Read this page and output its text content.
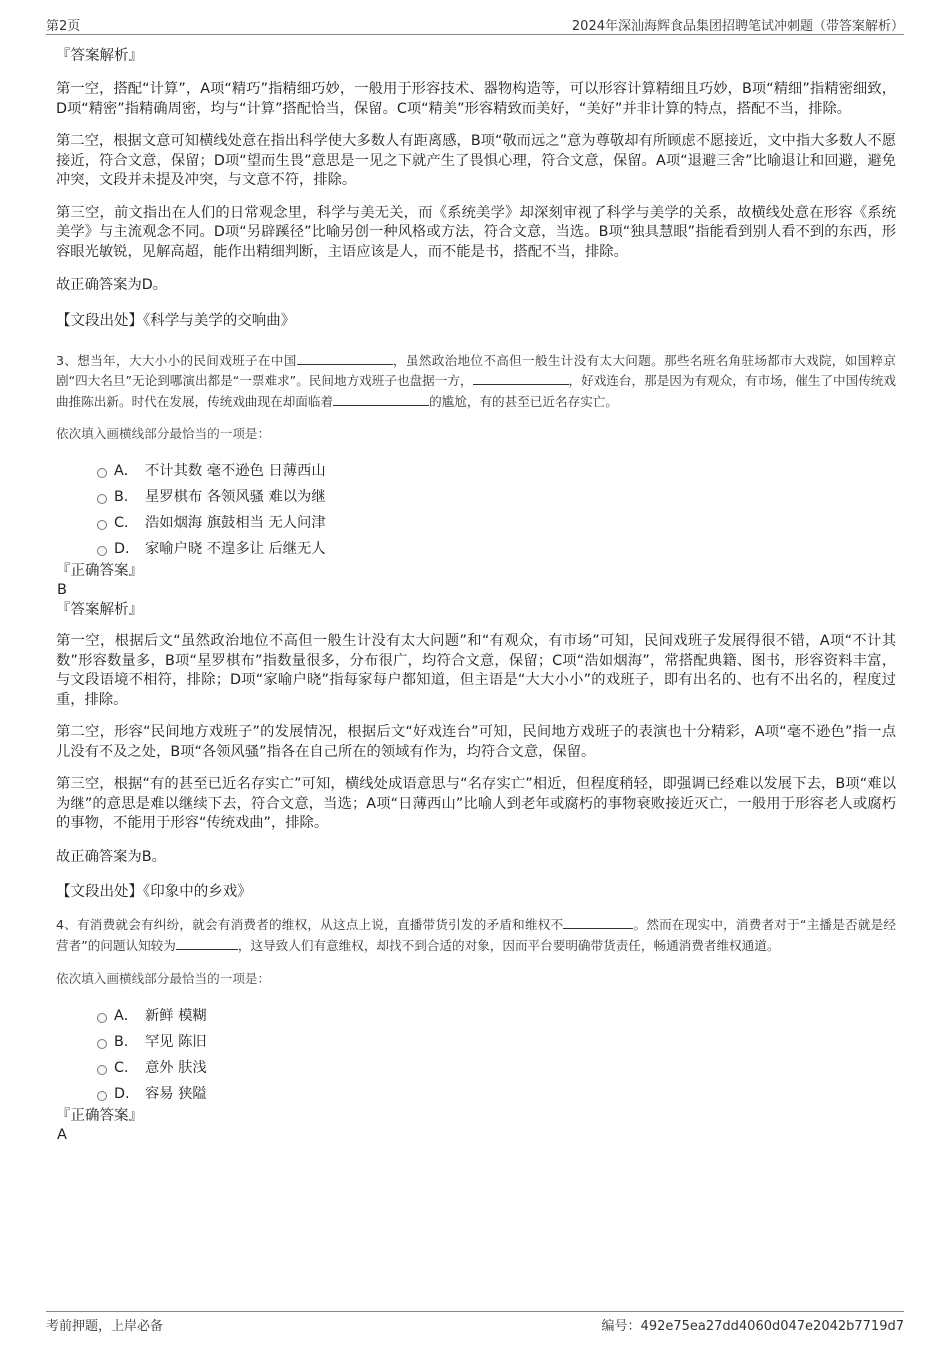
第2页	2024年深汕海辉食品集团招聘笔试冲刺题（带答案解析）
『答案解析』

第一空，搭配“计算”，A项“精巧”指精细巧妙，一般用于形容技术、器物构造等，可以形容计算精细且巧妙，B项“精细”指精密细致，D项“精密”指精确周密，均与“计算”搭配恰当，保留。C项“精美”形容精致而美好，“美好”并非计算的特点，搭配不当，排除。

第二空，根据文意可知横线处意在指出科学使大多数人有距离感，B项“敬而远之”意为尊敬却有所顾虑不愿接近，文中指大多数人不愿接近，符合文意，保留；D项“望而生畏”意思是一见之下就产生了畏惧心理，符合文意，保留。A项“退避三舍”比喻退让和回避，避免冲突，文段并未提及冲突，与文意不符，排除。

第三空，前文指出在人们的日常观念里，科学与美无关，而《系统美学》却深刻审视了科学与美学的关系，故横线处意在形容《系统美学》与主流观念不同。D项“另辟蹊径”比喻另创一种风格或方法，符合文意，当选。B项“独具慧眼”指能看到别人看不到的东西，形容眼光敏锐，见解高超，能作出精细判断，主语应该是人，而不能是书，搭配不当，排除。

故正确答案为D。

【文段出处】《科学与美学的交响曲》

3、想当年，大大小小的民间戏班子在中国	，虽然政治地位不高但一般生计没有太大问题。那些名班名角驻场都市大戏院，如国粹京剧“四大名旦”无论到哪演出都是“一票难求”。民间地方戏班子也盘据一方，	，好戏连台，那是因为有观众，有市场，催生了中国传统戏曲推陈出新。时代在发展，传统戏曲现在却面临着	的尴尬，有的甚至已近名存实亡。

依次填入画横线部分最恰当的一项是：
A． 不计其数 毫不逊色 日薄西山
B. 星罗棋布 各领风骚 难以为继
C. 浩如烟海 旗鼓相当 无人问津
D. 家喻户晓 不遑多让 后继无人
『正确答案』
B
『答案解析』

第一空，根据后文“虽然政治地位不高但一般生计没有太大问题”和“有观众，有市场”可知，民间戏班子发展得很不错，A项“不计其数”形容数量多，B项“星罗棋布”指数量很多，分布很广，均符合文意，保留；C项“浩如烟海”，常搭配典籍、图书，形容资料丰富，与文段语境不相符，排除；D项“家喻户晓”指每家每户都知道，但主语是“大大小小”的戏班子，即有出名的、也有不出名的，程度过重，排除。

第二空，形容“民间地方戏班子”的发展情况，根据后文“好戏连台”可知，民间地方戏班子的表演也十分精彩，A项“毫不逊色”指一点儿没有不及之处，B项“各领风骚”指各在自己所在的领域有作为，均符合文意，保留。

第三空，根据“有的甚至已近名存实亡”可知，横线处成语意思与“名存实亡”相近，但程度稍轻，即强调已经难以发展下去，B项“难以为继”的意思是难以继续下去，符合文意，当选；A项“日薄西山”比喻人到老年或腐朽的事物衰败接近灭亡，一般用于形容老人或腐朽的事物，不能用于形容“传统戏曲”，排除。

故正确答案为B。

【文段出处】《印象中的乡戏》

4、有消费就会有纠纷，就会有消费者的维权，从这点上说，直播带货引发的矛盾和维权不	。然而在现实中，消费者对于“主播是否就是经营者”的问题认知较为	，这导致人们有意维权，却找不到合适的对象，因而平台要明确带货责任，畅通消费者维权通道。

依次填入画横线部分最恰当的一项是：
A． 新鲜 模糊
B. 罕见 陈旧
C. 意外 肤浅
D. 容易 狭隘
『正确答案』
A
考前押题，上岸必备	编号：492e75ea27dd4060d047e2042b7719d7
